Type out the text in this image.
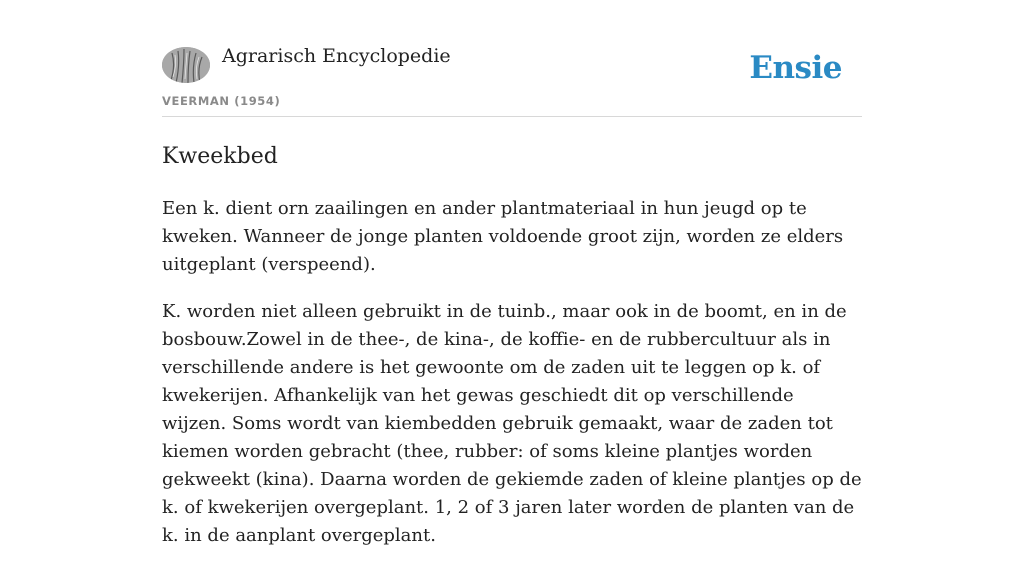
Agrarisch Encyclopedie
VEERMAN (1954)
Ensie
Kweekbed

Een k. dient orn zaailingen en ander plantmateriaal in hun jeugd op te kweken. Wanneer de jonge planten voldoende groot zijn, worden ze elders uitgeplant (verspeend).

K. worden niet alleen gebruikt in de tuinb., maar ook in de boomt, en in de bosbouw.Zowel in de thee-, de kina-, de koffie- en de rubbercultuur als in verschillende andere is het gewoonte om de zaden uit te leggen op k. of kwekerijen. Afhankelijk van het gewas geschiedt dit op verschillende wijzen. Soms wordt van kiembedden gebruik gemaakt, waar de zaden tot kiemen worden gebracht (thee, rubber: of soms kleine plantjes worden gekweekt (kina). Daarna worden de gekiemde zaden of kleine plantjes op de k. of kwekerijen overgeplant. 1, 2 of 3 jaren later worden de planten van de k. in de aanplant overgeplant.
